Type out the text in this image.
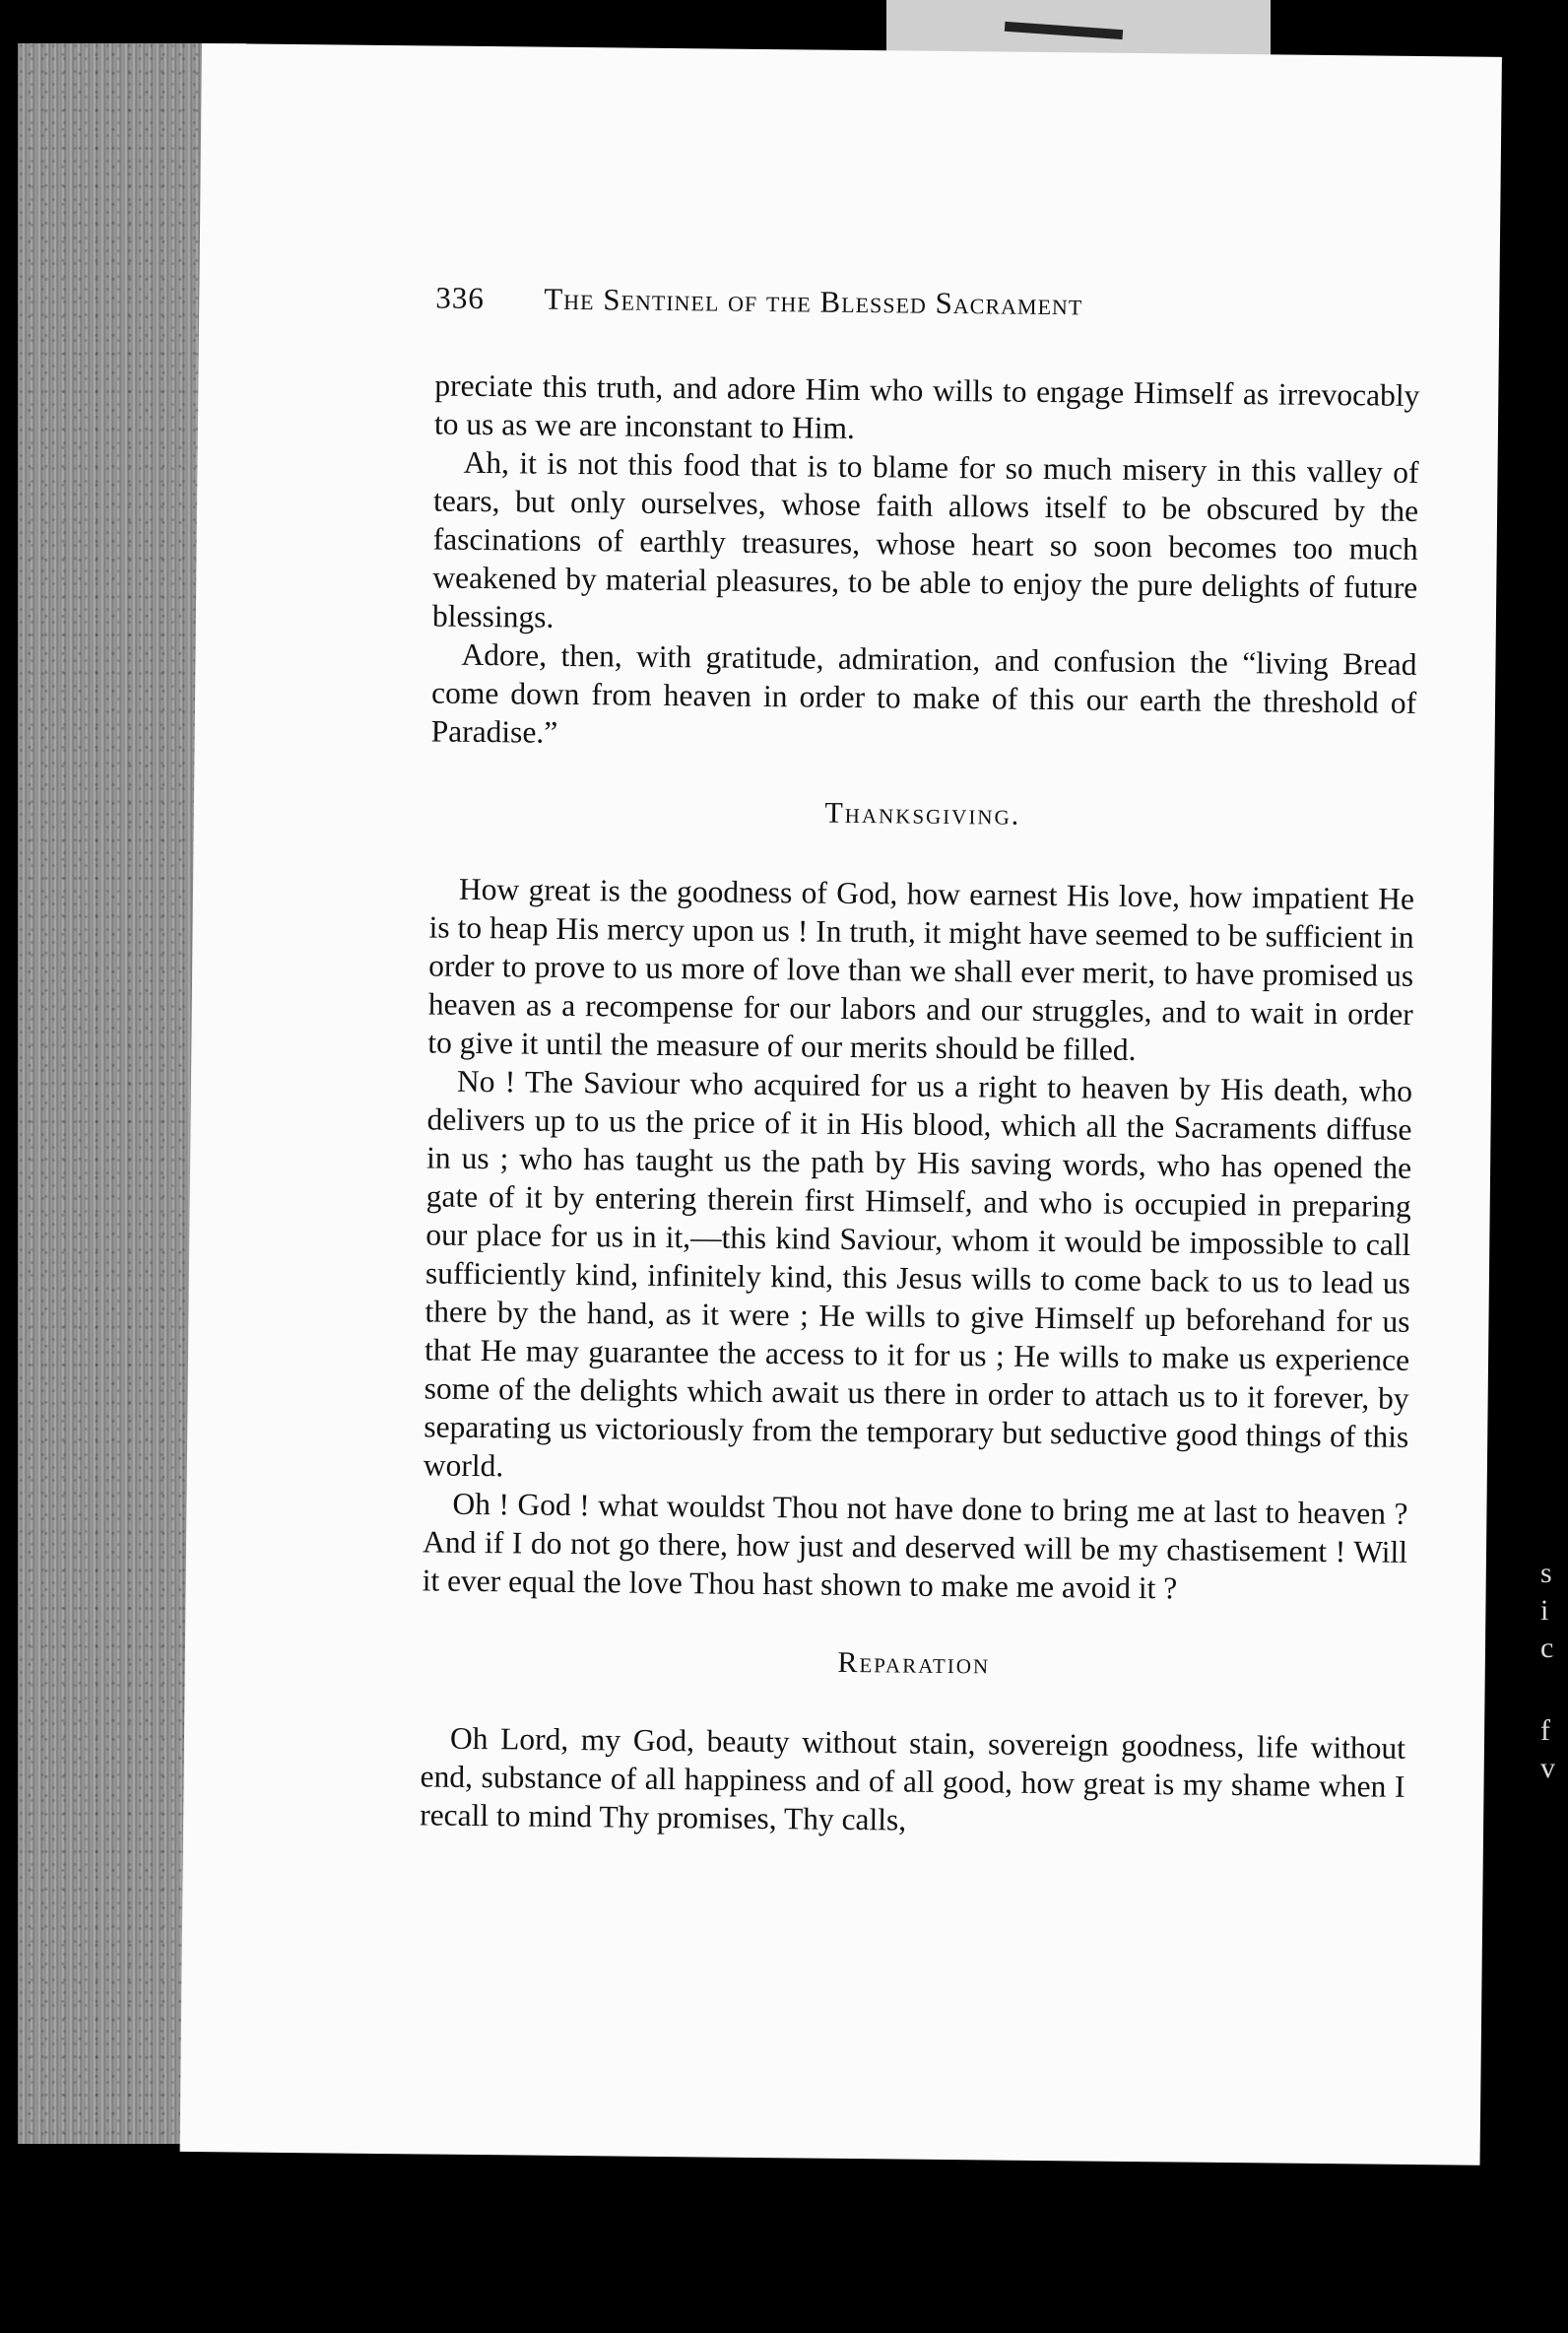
336 The Sentinel of the Blessed Sacrament

preciate this truth, and adore Him who wills to engage Himself as irrevocably to us as we are inconstant to Him.

Ah, it is not this food that is to blame for so much misery in this valley of tears, but only ourselves, whose faith allows itself to be obscured by the fascinations of earthly treasures, whose heart so soon becomes too much weakened by material pleasures, to be able to enjoy the pure delights of future blessings.

Adore, then, with gratitude, admiration, and confusion the “living Bread come down from heaven in order to make of this our earth the threshold of Paradise.”

Thanksgiving.

How great is the goodness of God, how earnest His love, how impatient He is to heap His mercy upon us ! In truth, it might have seemed to be sufficient in order to prove to us more of love than we shall ever merit, to have promised us heaven as a recompense for our labors and our struggles, and to wait in order to give it until the measure of our merits should be filled.

No ! The Saviour who acquired for us a right to heaven by His death, who delivers up to us the price of it in His blood, which all the Sacraments diffuse in us ; who has taught us the path by His saving words, who has opened the gate of it by entering therein first Himself, and who is occupied in preparing our place for us in it,—this kind Saviour, whom it would be impossible to call sufficiently kind, infinitely kind, this Jesus wills to come back to us to lead us there by the hand, as it were ; He wills to give Himself up beforehand for us that He may guarantee the access to it for us ; He wills to make us experience some of the delights which await us there in order to attach us to it forever, by separating us victoriously from the temporary but seductive good things of this world.

Oh ! God ! what wouldst Thou not have done to bring me at last to heaven ? And if I do not go there, how just and deserved will be my chastisement ! Will it ever equal the love Thou hast shown to make me avoid it ?

Reparation

Oh Lord, my God, beauty without stain, sovereign goodness, life without end, substance of all happiness and of all good, how great is my shame when I recall to mind Thy promises, Thy calls,

s
i
c
f
v
